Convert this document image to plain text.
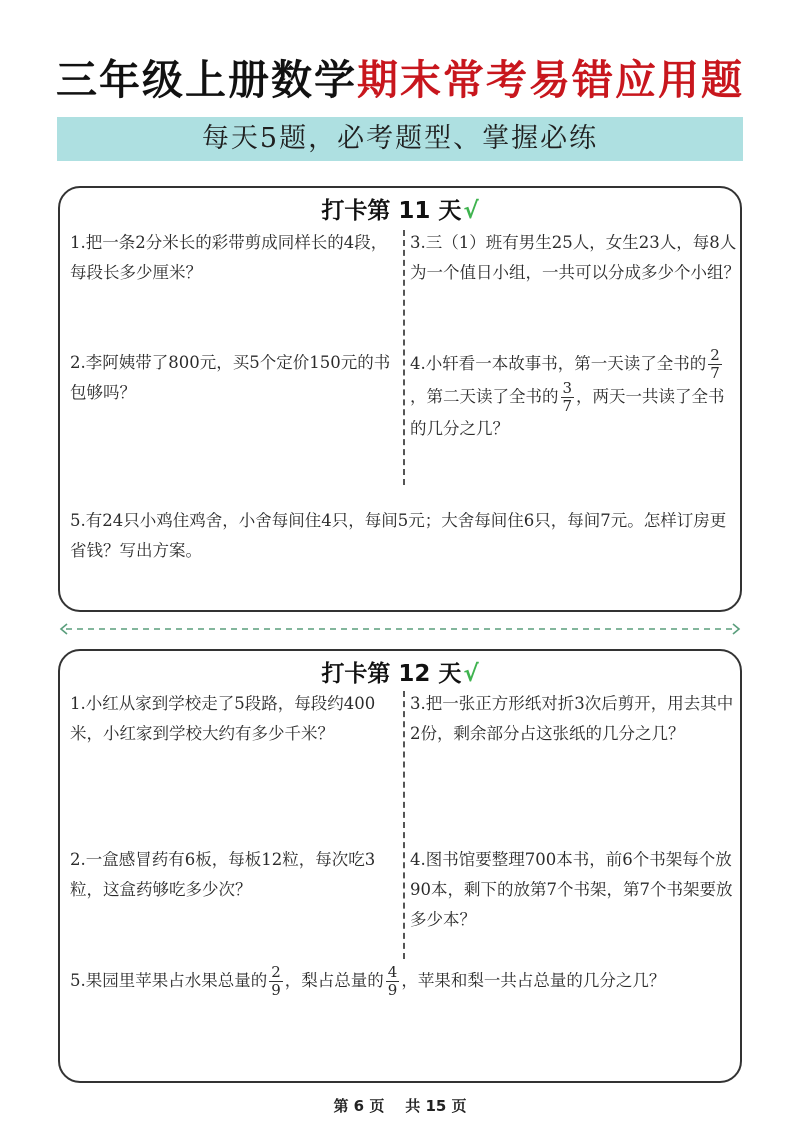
三年级上册数学期末常考易错应用题
每天5题，必考题型、掌握必练
打卡第 11 天√

1.把一条2分米长的彩带剪成同样长的4段，每段长多少厘米？

3.三（1）班有男生25人，女生23人，每8人为一个值日小组，一共可以分成多少个小组？

2.李阿姨带了800元，买5个定价150元的书包够吗？

4.小轩看一本故事书，第一天读了全书的 $\frac{2}{7}$
，第二天读了全书的 $\frac{3}{7}$ ，两天一共读了全书的几分之几？

5.有24只小鸡住鸡舍，小舍每间住4只，每间5元；大舍每间住6只，每间7元。怎样订房更省钱？写出方案。

打卡第 12 天√

1.小红从家到学校走了5段路，每段约400米，小红家到学校大约有多少千米？

3.把一张正方形纸对折3次后剪开，用去其中2份，剩余部分占这张纸的几分之几？

2.一盒感冒药有6板，每板12粒，每次吃3粒，这盒药够吃多少次？

4.图书馆要整理700本书，前6个书架每个放90本，剩下的放第7个书架，第7个书架要放多少本？

5.果园里苹果占水果总量的 $\frac{2}{9}$ ，梨占总量的 $\frac{4}{9}$ ，苹果和梨一共占总量的几分之几？

第 6 页    共 15 页
